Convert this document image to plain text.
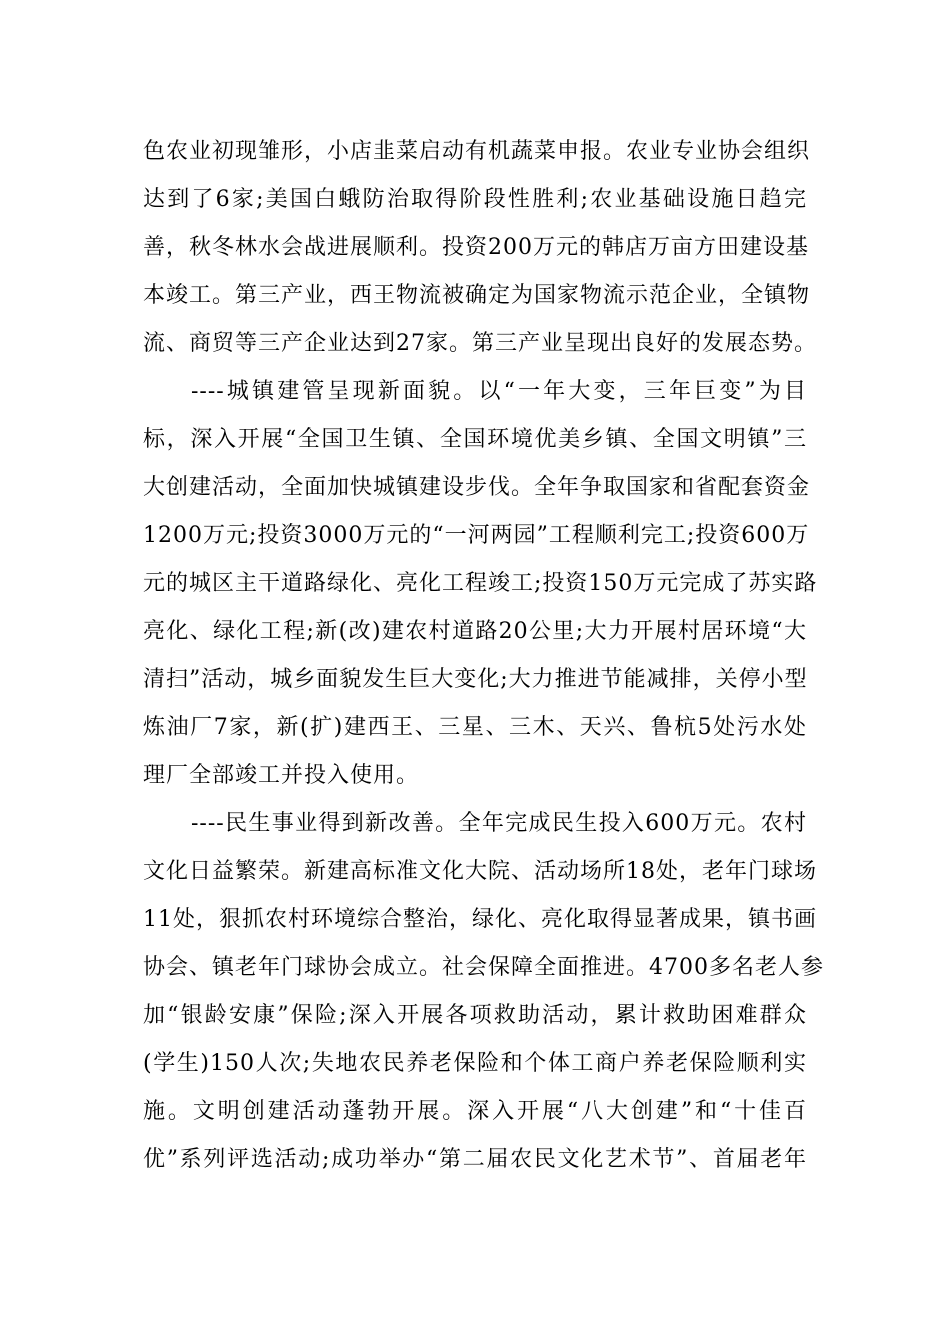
色农业初现雏形，小店韭菜启动有机蔬菜申报。农业专业协会组织
达到了6家;美国白蛾防治取得阶段性胜利;农业基础设施日趋完
善，秋冬林水会战进展顺利。投资200万元的韩店万亩方田建设基
本竣工。第三产业，西王物流被确定为国家物流示范企业，全镇物
流、商贸等三产企业达到27家。第三产业呈现出良好的发展态势。
----城镇建管呈现新面貌。以“一年大变，三年巨变”为目
标，深入开展“全国卫生镇、全国环境优美乡镇、全国文明镇”三
大创建活动，全面加快城镇建设步伐。全年争取国家和省配套资金
1200万元;投资3000万元的“一河两园”工程顺利完工;投资600万
元的城区主干道路绿化、亮化工程竣工;投资150万元完成了苏实路
亮化、绿化工程;新(改)建农村道路20公里;大力开展村居环境“大
清扫”活动，城乡面貌发生巨大变化;大力推进节能减排，关停小型
炼油厂7家，新(扩)建西王、三星、三木、天兴、鲁杭5处污水处
理厂全部竣工并投入使用。
----民生事业得到新改善。全年完成民生投入600万元。农村
文化日益繁荣。新建高标准文化大院、活动场所18处，老年门球场
11处，狠抓农村环境综合整治，绿化、亮化取得显著成果，镇书画
协会、镇老年门球协会成立。社会保障全面推进。4700多名老人参
加“银龄安康”保险;深入开展各项救助活动，累计救助困难群众
(学生)150人次;失地农民养老保险和个体工商户养老保险顺利实
施。文明创建活动蓬勃开展。深入开展“八大创建”和“十佳百
优”系列评选活动;成功举办“第二届农民文化艺术节”、首届老年
